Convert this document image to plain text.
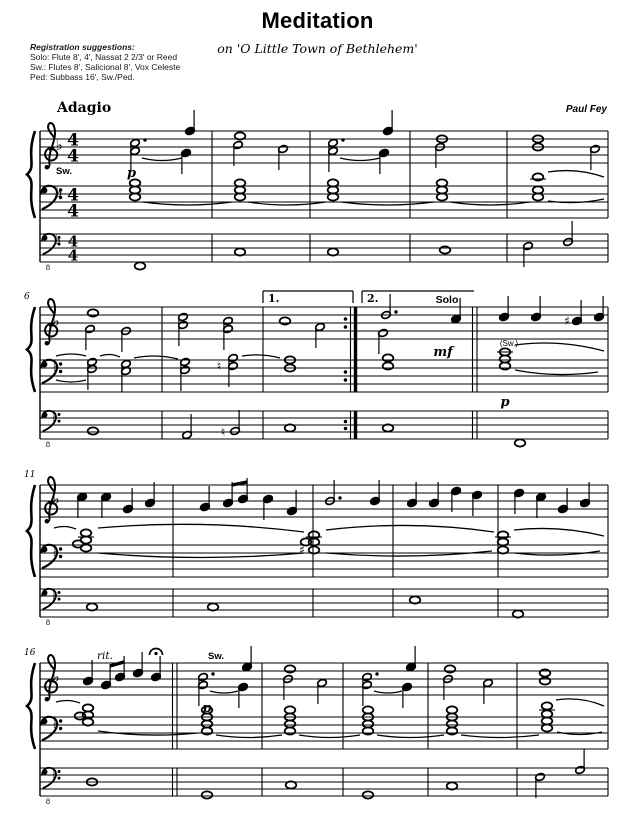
Meditation
on 'O Little Town of Bethlehem'
Registration suggestions:
Solo: Flute 8', 4', Nassat 2 2/3' or Reed
Sw.: Flutes 8', Salicional 8', Vox Celeste
Ped: Subbass 16', Sw./Ped.
Adagio	Paul Fey
8
♭
♭
♭
4
4
4
4
4
4
Sw.	p
8
♭
♭
♭
1.	2.
6
♯
♮
♮
Solo
mf
(Sw.)
p
8
♭
♭
♭
11
♯
8
♭
♭
♭
16	rit.	Sw.
p
